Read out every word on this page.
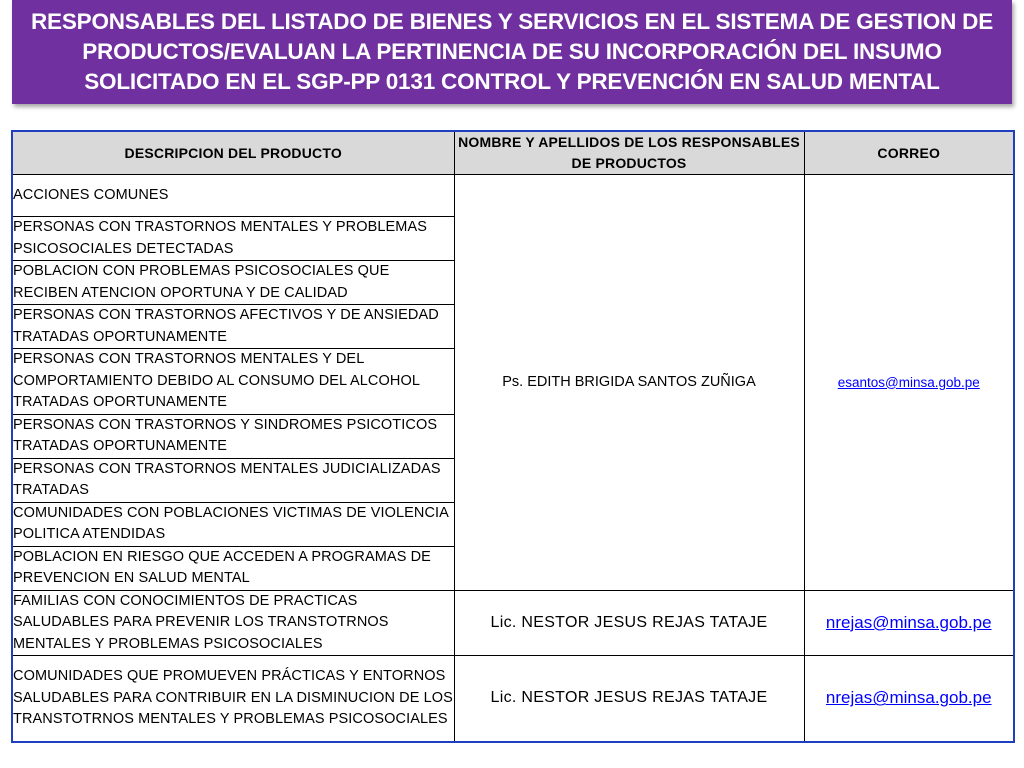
RESPONSABLES DEL LISTADO DE BIENES Y SERVICIOS EN EL SISTEMA DE GESTION DE PRODUCTOS/EVALUAN LA PERTINENCIA DE SU INCORPORACIÓN DEL INSUMO SOLICITADO EN EL SGP-PP 0131 CONTROL Y PREVENCIÓN EN SALUD MENTAL
DESCRIPCION DEL PRODUCTO	NOMBRE Y APELLIDOS DE LOS RESPONSABLES DE PRODUCTOS	CORREO
ACCIONES COMUNES	Ps. EDITH BRIGIDA SANTOS ZUÑIGA	esantos@minsa.gob.pe
PERSONAS CON TRASTORNOS MENTALES Y PROBLEMAS PSICOSOCIALES DETECTADAS		
POBLACION CON PROBLEMAS PSICOSOCIALES QUE RECIBEN ATENCION OPORTUNA Y DE CALIDAD		
PERSONAS CON TRASTORNOS AFECTIVOS Y DE ANSIEDAD TRATADAS OPORTUNAMENTE		
PERSONAS CON TRASTORNOS MENTALES Y DEL COMPORTAMIENTO DEBIDO AL CONSUMO DEL ALCOHOL TRATADAS OPORTUNAMENTE		
PERSONAS CON TRASTORNOS Y SINDROMES PSICOTICOS TRATADAS OPORTUNAMENTE		
PERSONAS CON TRASTORNOS MENTALES JUDICIALIZADAS TRATADAS		
COMUNIDADES CON POBLACIONES VICTIMAS DE VIOLENCIA POLITICA ATENDIDAS		
POBLACION EN RIESGO QUE ACCEDEN A PROGRAMAS DE PREVENCION EN SALUD MENTAL		
FAMILIAS CON CONOCIMIENTOS DE PRACTICAS SALUDABLES PARA PREVENIR LOS TRANSTOTRNOS MENTALES Y PROBLEMAS PSICOSOCIALES	Lic. NESTOR JESUS REJAS TATAJE	nrejas@minsa.gob.pe
COMUNIDADES QUE PROMUEVEN PRÁCTICAS Y ENTORNOS SALUDABLES PARA CONTRIBUIR EN LA DISMINUCION DE LOS TRANSTOTRNOS MENTALES Y PROBLEMAS PSICOSOCIALES	Lic. NESTOR JESUS REJAS TATAJE	nrejas@minsa.gob.pe
